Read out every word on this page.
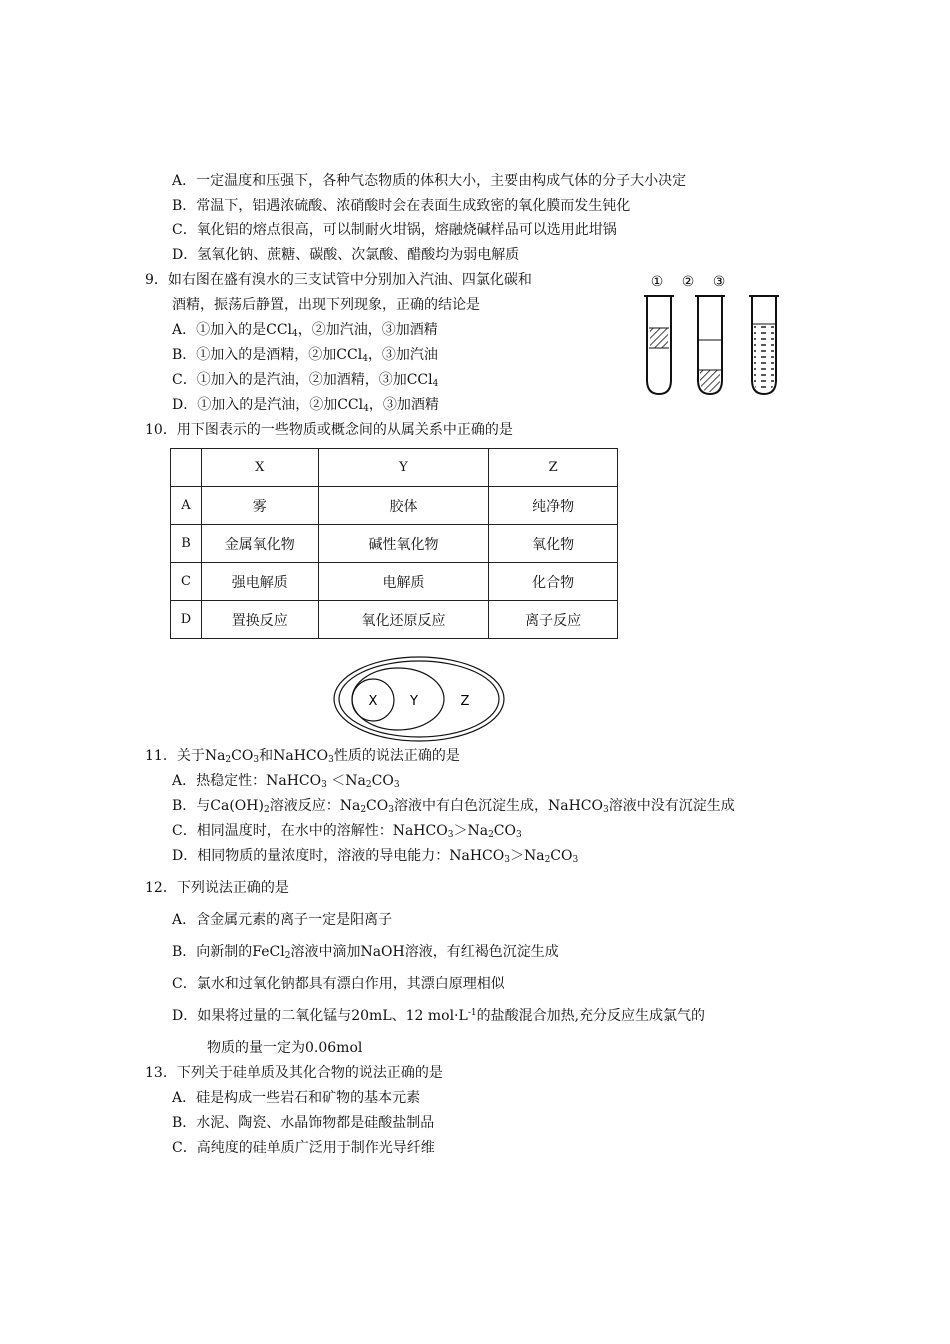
A．一定温度和压强下，各种气态物质的体积大小，主要由构成气体的分子大小决定
B．常温下，铝遇浓硫酸、浓硝酸时会在表面生成致密的氧化膜而发生钝化
C．氧化铝的熔点很高，可以制耐火坩锅，熔融烧碱样品可以选用此坩锅
D．氢氧化钠、蔗糖、碳酸、次氯酸、醋酸均为弱电解质
9．如右图在盛有溴水的三支试管中分别加入汽油、四氯化碳和
酒精，振荡后静置，出现下列现象，正确的结论是
A．①加入的是CCl$_4$，②加汽油，③加酒精
B．①加入的是酒精，②加CCl$_4$，③加汽油
C．①加入的是汽油，②加酒精，③加CCl$_4$
D．①加入的是汽油，②加CCl$_4$，③加酒精
① ② ③
10．用下图表示的一些物质或概念间的从属关系中正确的是
	X	Y	Z
A	雾	胶体	纯净物
B	金属氧化物	碱性氧化物	氧化物
C	强电解质	电解质	化合物
D	置换反应	氧化还原反应	离子反应
X	Y	Z
11．关于$Na_2CO_3$和NaHCO$_3$性质的说法正确的是
A．热稳定性：NaHCO$_3$ $<Na_2CO_3$
B．与$Ca(OH)_2$溶液反应：$Na_2CO_3$溶液中有白色沉淀生成，NaHCO$_3$溶液中没有沉淀生成
C．相同温度时，在水中的溶解性：$NaHCO_3>Na_2CO_3$
D．相同物质的量浓度时，溶液的导电能力：$NaHCO_3>Na_2CO_3$
12．下列说法正确的是
A．含金属元素的离子一定是阳离子
B．向新制的FeCl$_2$溶液中滴加NaOH溶液，有红褐色沉淀生成
C．氯水和过氧化钠都具有漂白作用，其漂白原理相似
D．如果将过量的二氧化锰与20mL、12 $mol\cdot L^{-1}$的盐酸混合加热,充分反应生成氯气的
物质的量一定为0.06mol
13．下列关于硅单质及其化合物的说法正确的是
A．硅是构成一些岩石和矿物的基本元素
B．水泥、陶瓷、水晶饰物都是硅酸盐制品
C．高纯度的硅单质广泛用于制作光导纤维
